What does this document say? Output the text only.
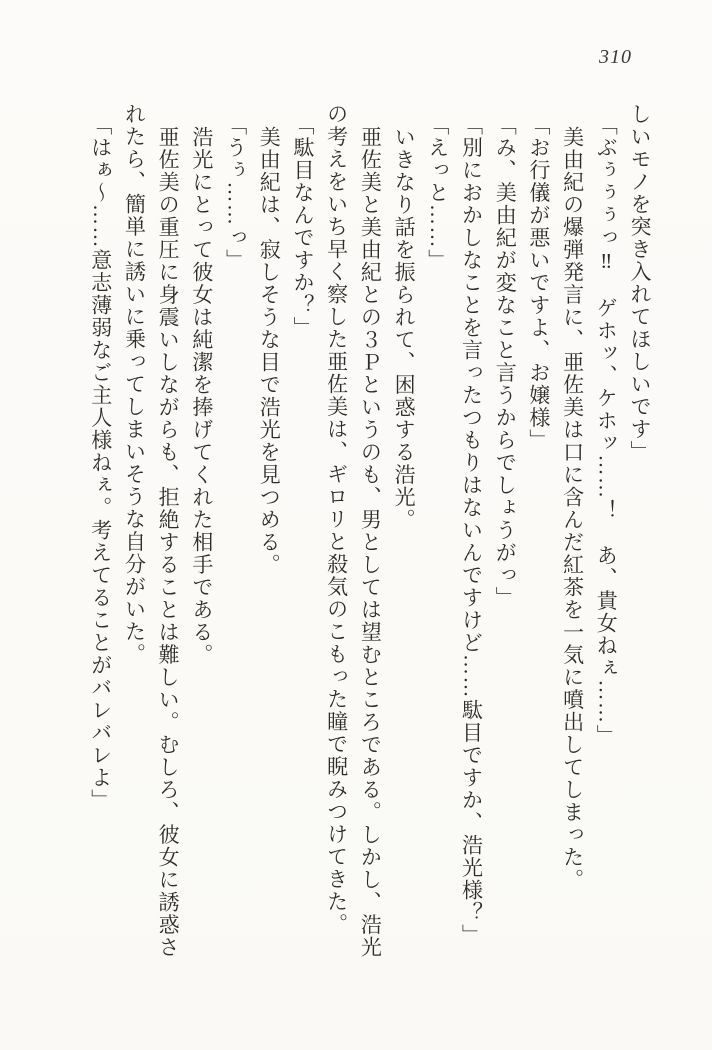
310
しいモノを突き入れてほしいです」
「ぶぅぅぅっ‼　ゲホッ、ケホッ……！　あ、貴女ねぇ……」
美由紀の爆弾発言に、亜佐美は口に含んだ紅茶を一気に噴出してしまった。
「お行儀が悪いですよ、お嬢様」
「み、美由紀が変なこと言うからでしょうがっ」
「別におかしなことを言ったつもりはないんですけど……駄目ですか、浩光様？」
「えっと……」
いきなり話を振られて、困惑する浩光。
亜佐美と美由紀との３Ｐというのも、男としては望むところである。しかし、浩光
の考えをいち早く察した亜佐美は、ギロリと殺気のこもった瞳で睨みつけてきた。
「駄目なんですか？」
美由紀は、寂しそうな目で浩光を見つめる。
「うぅ……っ」
浩光にとって彼女は純潔を捧げてくれた相手である。
亜佐美の重圧に身震いしながらも、拒絶することは難しい。むしろ、彼女に誘惑さ
れたら、簡単に誘いに乗ってしまいそうな自分がいた。
「はぁ～……意志薄弱なご主人様ねぇ。考えてることがバレバレよ」
